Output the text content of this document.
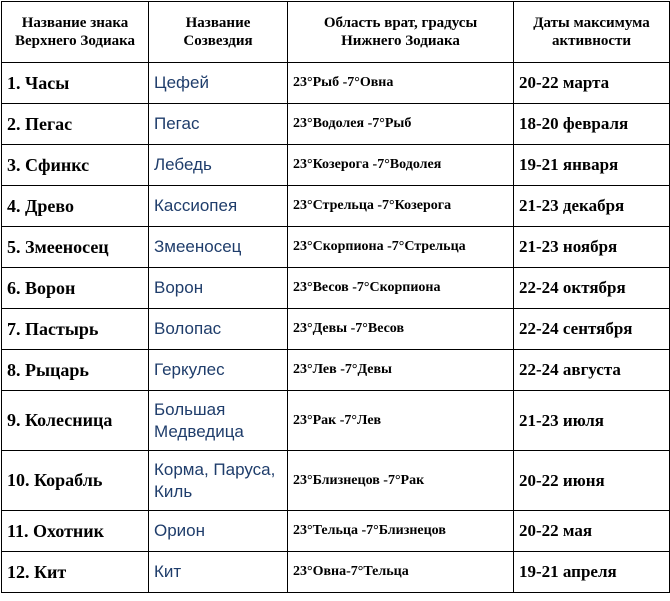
Название знака Верхнего Зодиака	Название Созвездия	Область врат, градусы Нижнего Зодиака	Даты максимума активности
1. Часы	Цефей	23°Рыб -7°Овна	20-22 марта
2. Пегас	Пегас	23°Водолея -7°Рыб	18-20 февраля
3. Сфинкс	Лебедь	23°Козерога -7°Водолея	19-21 января
4. Древо	Кассиопея	23°Стрельца -7°Козерога	21-23 декабря
5. Змееносец	Змееносец	23°Скорпиона -7°Стрельца	21-23 ноября
6. Ворон	Ворон	23°Весов -7°Скорпиона	22-24 октября
7. Пастырь	Волопас	23°Девы -7°Весов	22-24 сентября
8. Рыцарь	Геркулес	23°Лев -7°Девы	22-24 августа
9. Колесница	Большая Медведица	23°Рак -7°Лев	21-23 июля
10. Корабль	Корма, Паруса, Киль	23°Близнецов -7°Рак	20-22 июня
11. Охотник	Орион	23°Тельца -7°Близнецов	20-22 мая
12. Кит	Кит	23°Овна-7°Тельца	19-21 апреля
